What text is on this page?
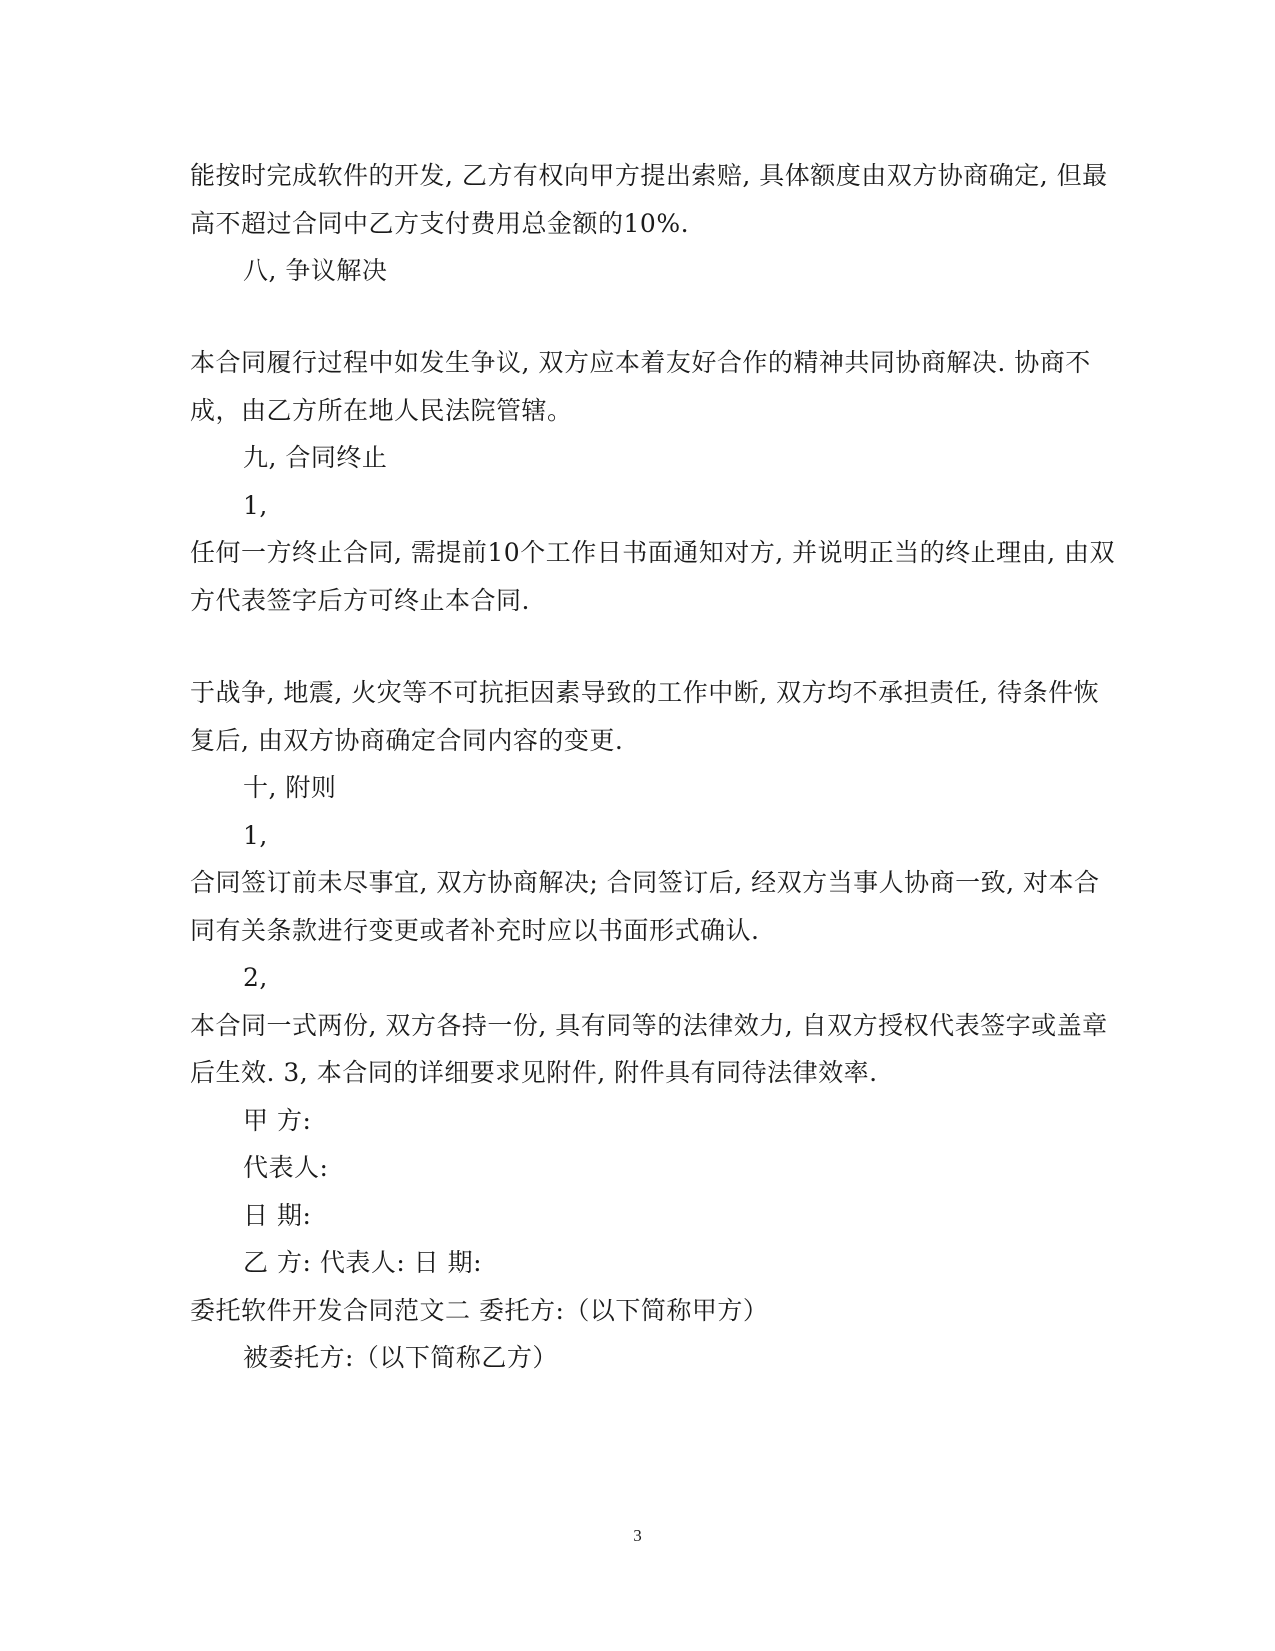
能按时完成软件的开发, 乙方有权向甲方提出索赔, 具体额度由双方协商确定, 但最
高不超过合同中乙方支付费用总金额的10%.
八, 争议解决
本合同履行过程中如发生争议, 双方应本着友好合作的精神共同协商解决. 协商不
成，由乙方所在地人民法院管辖。
九, 合同终止
1,
任何一方终止合同, 需提前10个工作日书面通知对方, 并说明正当的终止理由, 由双
方代表签字后方可终止本合同.
于战争, 地震, 火灾等不可抗拒因素导致的工作中断, 双方均不承担责任, 待条件恢
复后, 由双方协商确定合同内容的变更.
十, 附则
1,
合同签订前未尽事宜, 双方协商解决; 合同签订后, 经双方当事人协商一致, 对本合
同有关条款进行变更或者补充时应以书面形式确认.
2,
本合同一式两份, 双方各持一份, 具有同等的法律效力, 自双方授权代表签字或盖章
后生效. 3, 本合同的详细要求见附件, 附件具有同待法律效率.
甲 方:
代表人:
日 期:
乙 方: 代表人: 日 期:
委托软件开发合同范文二 委托方:（以下简称甲方）
被委托方:（以下简称乙方）
3
